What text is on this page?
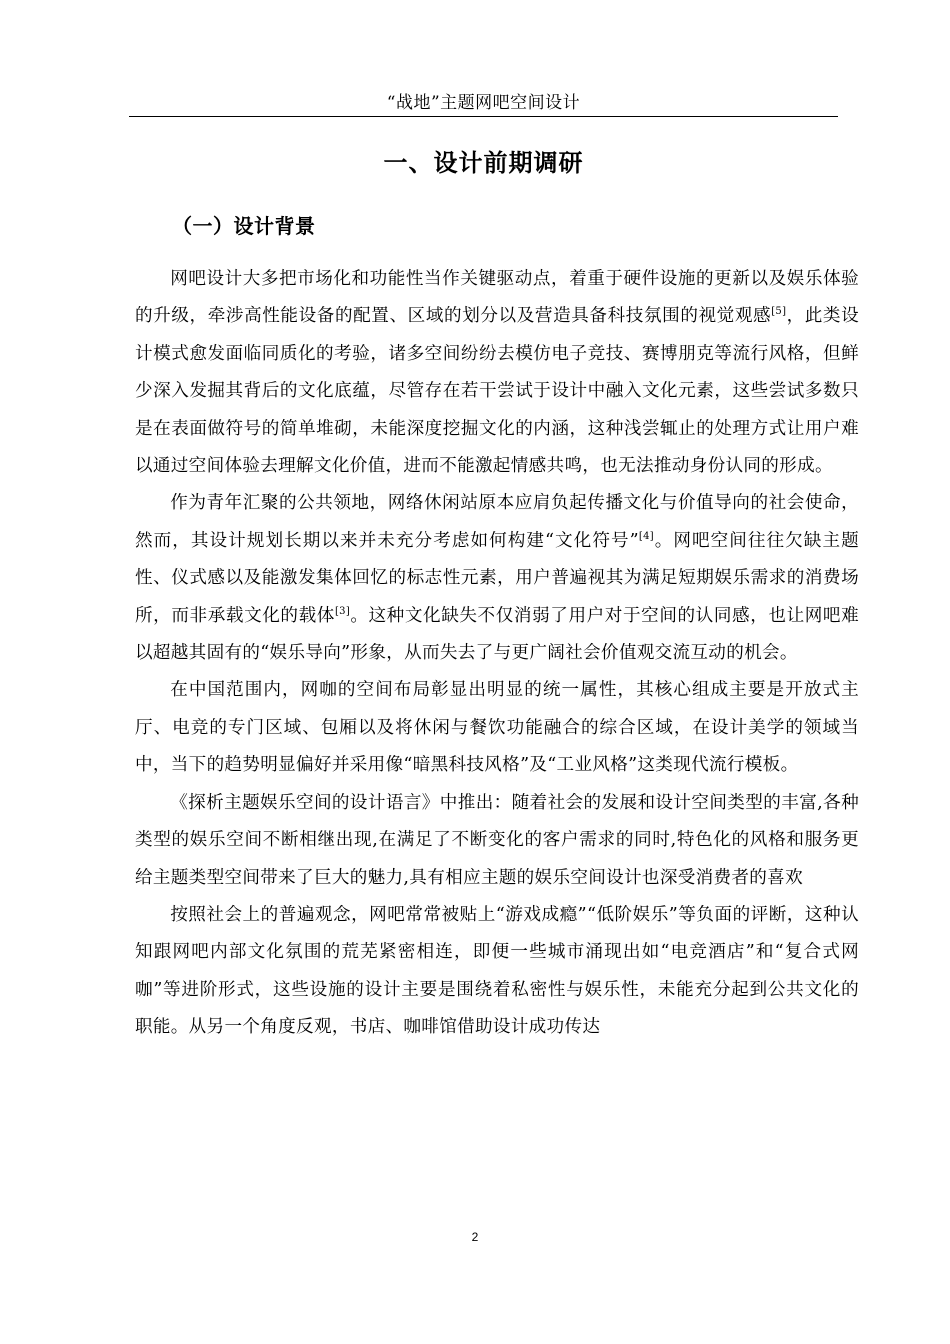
“战地”主题网吧空间设计
一、设计前期调研
（一）设计背景

网吧设计大多把市场化和功能性当作关键驱动点，着重于硬件设施的更新以及娱乐体验的升级，牵涉高性能设备的配置、区域的划分以及营造具备科技氛围的视觉观感[5]，此类设计模式愈发面临同质化的考验，诸多空间纷纷去模仿电子竞技、赛博朋克等流行风格，但鲜少深入发掘其背后的文化底蕴，尽管存在若干尝试于设计中融入文化元素，这些尝试多数只是在表面做符号的简单堆砌，未能深度挖掘文化的内涵，这种浅尝辄止的处理方式让用户难以通过空间体验去理解文化价值，进而不能激起情感共鸣，也无法推动身份认同的形成。

作为青年汇聚的公共领地，网络休闲站原本应肩负起传播文化与价值导向的社会使命，然而，其设计规划长期以来并未充分考虑如何构建“文化符号”[4]。网吧空间往往欠缺主题性、仪式感以及能激发集体回忆的标志性元素，用户普遍视其为满足短期娱乐需求的消费场所，而非承载文化的载体[3]。这种文化缺失不仅消弱了用户对于空间的认同感，也让网吧难以超越其固有的“娱乐导向”形象，从而失去了与更广阔社会价值观交流互动的机会。

在中国范围内，网咖的空间布局彰显出明显的统一属性，其核心组成主要是开放式主厅、电竞的专门区域、包厢以及将休闲与餐饮功能融合的综合区域，在设计美学的领域当中，当下的趋势明显偏好并采用像“暗黑科技风格”及“工业风格”这类现代流行模板。

《探析主题娱乐空间的设计语言》中推出：随着社会的发展和设计空间类型的丰富,各种类型的娱乐空间不断相继出现,在满足了不断变化的客户需求的同时,特色化的风格和服务更给主题类型空间带来了巨大的魅力,具有相应主题的娱乐空间设计也深受消费者的喜欢

按照社会上的普遍观念，网吧常常被贴上“游戏成瘾”“低阶娱乐”等负面的评断，这种认知跟网吧内部文化氛围的荒芜紧密相连，即便一些城市涌现出如“电竞酒店”和“复合式网咖”等进阶形式，这些设施的设计主要是围绕着私密性与娱乐性，未能充分起到公共文化的职能。从另一个角度反观，书店、咖啡馆借助设计成功传达

2
